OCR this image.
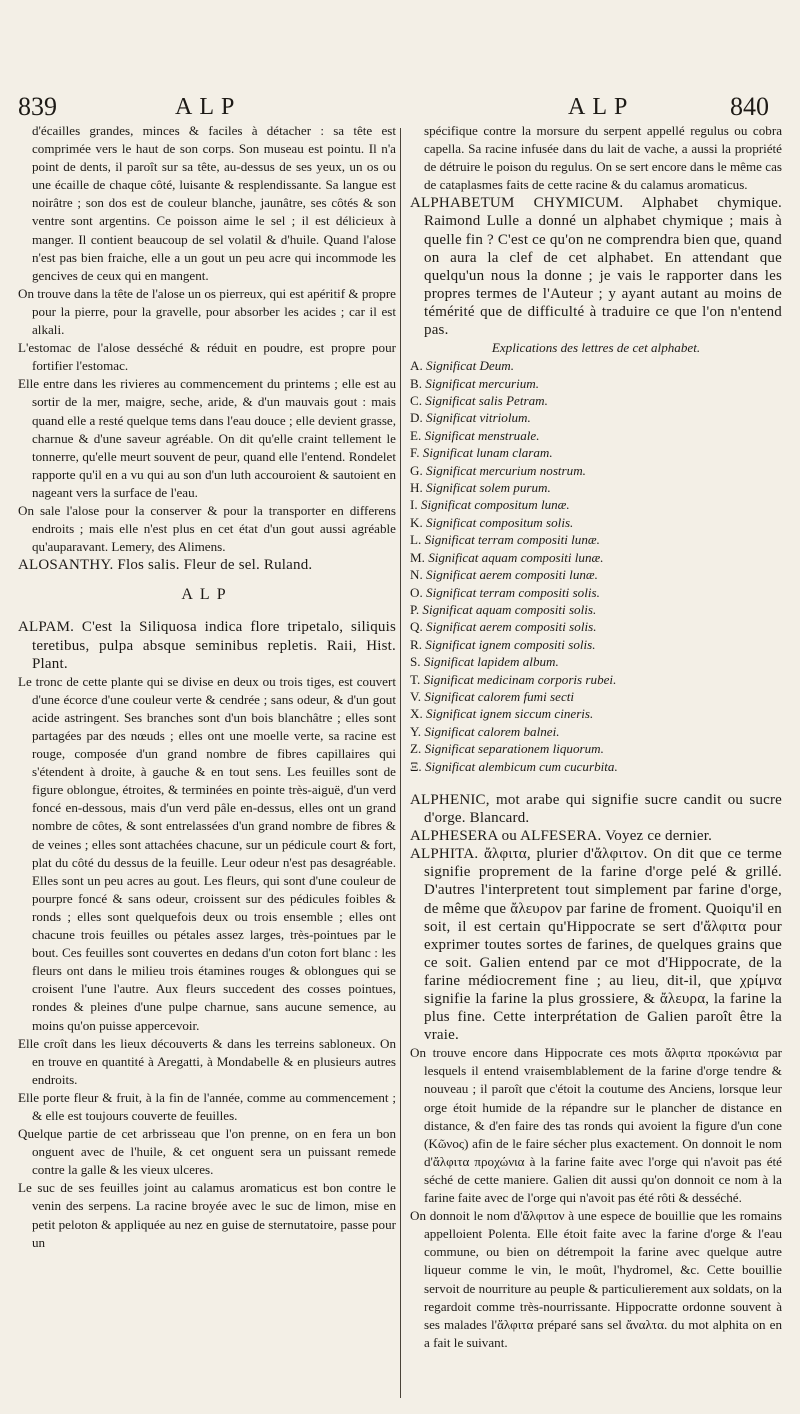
839	ALP	ALP	840

d'écailles grandes, minces & faciles à détacher : sa tête est comprimée vers le haut de son corps. Son museau est pointu. Il n'a point de dents, il paroît sur sa tête, au-dessus de ses yeux, un os ou une écaille de chaque côté, luisante & resplendissante. Sa langue est noirâtre ; son dos est de couleur blanche, jaunâtre, ses côtés & son ventre sont argentins. Ce poisson aime le sel ; il est délicieux à manger. Il contient beaucoup de sel volatil & d'huile. Quand l'alose n'est pas bien fraiche, elle a un gout un peu acre qui incommode les gencives de ceux qui en mangent.

On trouve dans la tête de l'alose un os pierreux, qui est apéritif & propre pour la pierre, pour la gravelle, pour absorber les acides ; car il est alkali.

L'estomac de l'alose desséché & réduit en poudre, est propre pour fortifier l'estomac.

Elle entre dans les rivieres au commencement du printems ; elle est au sortir de la mer, maigre, seche, aride, & d'un mauvais gout : mais quand elle a resté quelque tems dans l'eau douce ; elle devient grasse, charnue & d'une saveur agréable. On dit qu'elle craint tellement le tonnerre, qu'elle meurt souvent de peur, quand elle l'entend. Rondelet rapporte qu'il en a vu qui au son d'un luth accouroient & sautoient en nageant vers la surface de l'eau.

On sale l'alose pour la conserver & pour la transporter en differens endroits ; mais elle n'est plus en cet état d'un gout aussi agréable qu'auparavant. Lemery, des Alimens.

ALOSANTHY. Flos salis. Fleur de sel. Ruland.

ALP

ALPAM. C'est la Siliquosa indica flore tripetalo, siliquis teretibus, pulpa absque seminibus repletis. Raii, Hist. Plant.

Le tronc de cette plante qui se divise en deux ou trois tiges, est couvert d'une écorce d'une couleur verte & cendrée ; sans odeur, & d'un gout acide astringent. Ses branches sont d'un bois blanchâtre ; elles sont partagées par des nœuds ; elles ont une moelle verte, sa racine est rouge, composée d'un grand nombre de fibres capillaires qui s'étendent à droite, à gauche & en tout sens. Les feuilles sont de figure oblongue, étroites, & terminées en pointe très-aiguë, d'un verd foncé en-dessous, mais d'un verd pâle en-dessus, elles ont un grand nombre de côtes, & sont entrelassées d'un grand nombre de fibres & de veines ; elles sont attachées chacune, sur un pédicule court & fort, plat du côté du dessus de la feuille. Leur odeur n'est pas desagréable. Elles sont un peu acres au gout. Les fleurs, qui sont d'une couleur de pourpre foncé & sans odeur, croissent sur des pédicules foibles & ronds ; elles sont quelquefois deux ou trois ensemble ; elles ont chacune trois feuilles ou pétales assez larges, très-pointues par le bout. Ces feuilles sont couvertes en dedans d'un coton fort blanc : les fleurs ont dans le milieu trois étamines rouges & oblongues qui se croisent l'une l'autre. Aux fleurs succedent des cosses pointues, rondes & pleines d'une pulpe charnue, sans aucune semence, au moins qu'on puisse appercevoir.

Elle croît dans les lieux découverts & dans les terreins sabloneux. On en trouve en quantité à Aregatti, à Mondabelle & en plusieurs autres endroits.

Elle porte fleur & fruit, à la fin de l'année, comme au commencement ; & elle est toujours couverte de feuilles.

Quelque partie de cet arbrisseau que l'on prenne, on en fera un bon onguent avec de l'huile, & cet onguent sera un puissant remede contre la galle & les vieux ulceres.

Le suc de ses feuilles joint au calamus aromaticus est bon contre le venin des serpens. La racine broyée avec le suc de limon, mise en petit peloton & appliquée au nez en guise de sternutatoire, passe pour un

spécifique contre la morsure du serpent appellé regulus ou cobra capella. Sa racine infusée dans du lait de vache, a aussi la propriété de détruire le poison du regulus. On se sert encore dans le même cas de cataplasmes faits de cette racine & du calamus aromaticus.

ALPHABETUM CHYMICUM. Alphabet chymique. Raimond Lulle a donné un alphabet chymique ; mais à quelle fin ? C'est ce qu'on ne comprendra bien que, quand on aura la clef de cet alphabet. En attendant que quelqu'un nous la donne ; je vais le rapporter dans les propres termes de l'Auteur ; y ayant autant au moins de témérité que de difficulté à traduire ce que l'on n'entend pas.

Explications des lettres de cet alphabet.

A. Significat Deum.
B. Significat mercurium.
C. Significat salis Petram.
D. Significat vitriolum.
E. Significat menstruale.
F. Significat lunam claram.
G. Significat mercurium nostrum.
H. Significat solem purum.
I. Significat compositum lunæ.
K. Significat compositum solis.
L. Significat terram compositi lunæ.
M. Significat aquam compositi lunæ.
N. Significat aerem compositi lunæ.
O. Significat terram compositi solis.
P. Significat aquam compositi solis.
Q. Significat aerem compositi solis.
R. Significat ignem compositi solis.
S. Significat lapidem album.
T. Significat medicinam corporis rubei.
V. Significat calorem fumi secti
X. Significat ignem siccum cineris.
Y. Significat calorem balnei.
Z. Significat separationem liquorum.
Ξ. Significat alembicum cum cucurbita.

ALPHENIC, mot arabe qui signifie sucre candit ou sucre d'orge. Blancard.

ALPHESERA ou ALFESERA. Voyez ce dernier.

ALPHITA. ἄλφιτα, plurier d'ἄλφιτον. On dit que ce terme signifie proprement de la farine d'orge pelé & grillé. D'autres l'interpretent tout simplement par farine d'orge, de même que ἄλευρον par farine de froment. Quoiqu'il en soit, il est certain qu'Hippocrate se sert d'ἄλφιτα pour exprimer toutes sortes de farines, de quelques grains que ce soit. Galien entend par ce mot d'Hippocrate, de la farine médiocrement fine ; au lieu, dit-il, que χρίμνα signifie la farine la plus grossiere, & ἄλευρα, la farine la plus fine. Cette interprétation de Galien paroît être la vraie.

On trouve encore dans Hippocrate ces mots ἄλφιτα προκώνια par lesquels il entend vraisemblablement de la farine d'orge tendre & nouveau ; il paroît que c'étoit la coutume des Anciens, lorsque leur orge étoit humide de la répandre sur le plancher de distance en distance, & d'en faire des tas ronds qui avoient la figure d'un cone (Κῶνος) afin de le faire sécher plus exactement. On donnoit le nom d'ἄλφιτα προχώνια à la farine faite avec l'orge qui n'avoit pas été séché de cette maniere. Galien dit aussi qu'on donnoit ce nom à la farine faite avec de l'orge qui n'avoit pas été rôti & desséché.

On donnoit le nom d'ἄλφιτον à une espece de bouillie que les romains appelloient Polenta. Elle étoit faite avec la farine d'orge & l'eau commune, ou bien on détrempoit la farine avec quelque autre liqueur comme le vin, le moût, l'hydromel, &c. Cette bouillie servoit de nourriture au peuple & particulierement aux soldats, on la regardoit comme très-nourrissante. Hippocratte ordonne souvent à ses malades l'ἄλφιτα préparé sans sel ἄναλτα. du mot alphita on en a fait le suivant.
